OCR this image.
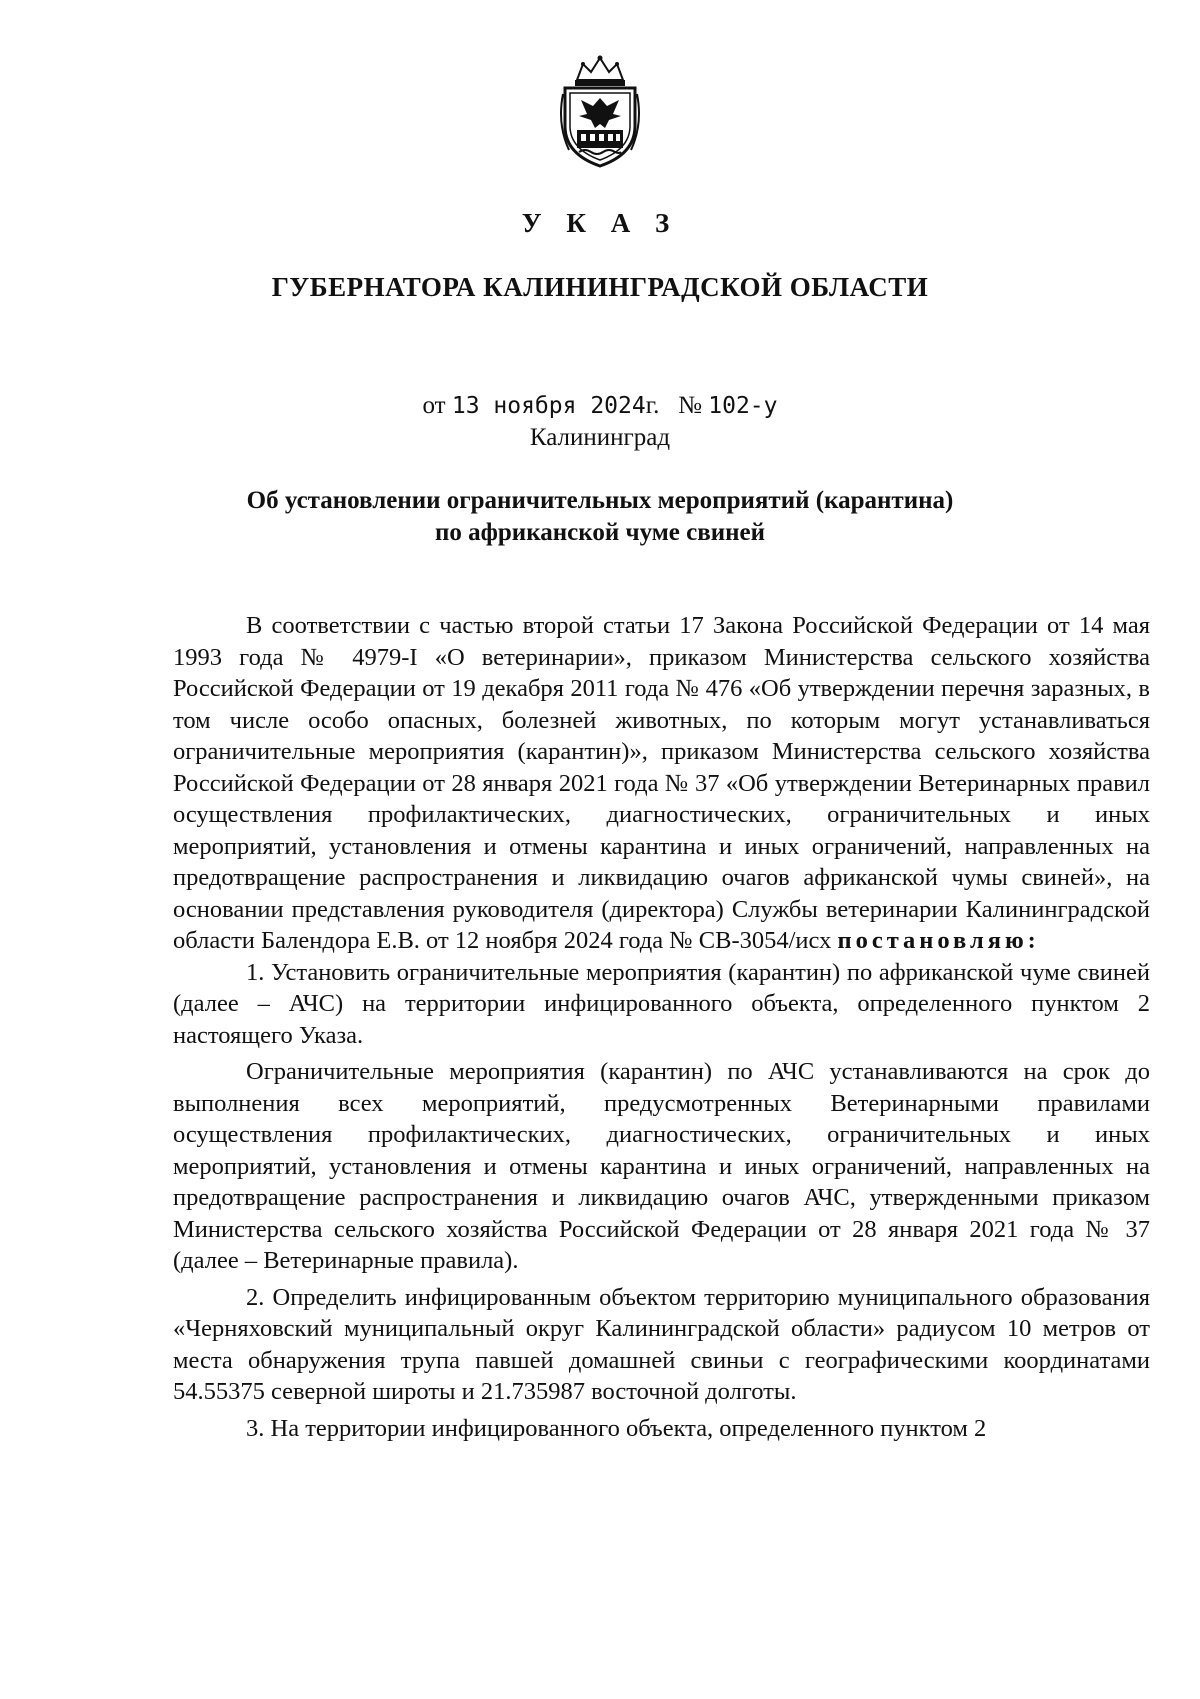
У К А З
ГУБЕРНАТОРА КАЛИНИНГРАДСКОЙ ОБЛАСТИ
от 13 ноября 2024г. № 102-у
Калининград
Об установлении ограничительных мероприятий (карантина)
по африканской чуме свиней

В соответствии с частью второй статьи 17 Закона Российской Федерации от 14 мая 1993 года № 4979-I «О ветеринарии», приказом Министерства сельского хозяйства Российской Федерации от 19 декабря 2011 года № 476 «Об утверждении перечня заразных, в том числе особо опасных, болезней животных, по которым могут устанавливаться ограничительные мероприятия (карантин)», приказом Министерства сельского хозяйства Российской Федерации от 28 января 2021 года № 37 «Об утверждении Ветеринарных правил осуществления профилактических, диагностических, ограничительных и иных мероприятий, установления и отмены карантина и иных ограничений, направленных на предотвращение распространения и ликвидацию очагов африканской чумы свиней», на основании представления руководителя (директора) Службы ветеринарии Калининградской области Балендора Е.В. от 12 ноября 2024 года № СВ-3054/исх постановляю:

1. Установить ограничительные мероприятия (карантин) по африканской чуме свиней (далее – АЧС) на территории инфицированного объекта, определенного пунктом 2 настоящего Указа.

Ограничительные мероприятия (карантин) по АЧС устанавливаются на срок до выполнения всех мероприятий, предусмотренных Ветеринарными правилами осуществления профилактических, диагностических, ограничительных и иных мероприятий, установления и отмены карантина и иных ограничений, направленных на предотвращение распространения и ликвидацию очагов АЧС, утвержденными приказом Министерства сельского хозяйства Российской Федерации от 28 января 2021 года № 37 (далее – Ветеринарные правила).

2. Определить инфицированным объектом территорию муниципального образования «Черняховский муниципальный округ Калининградской области» радиусом 10 метров от места обнаружения трупа павшей домашней свиньи с географическими координатами 54.55375 северной широты и 21.735987 восточной долготы.

3. На территории инфицированного объекта, определенного пунктом 2
